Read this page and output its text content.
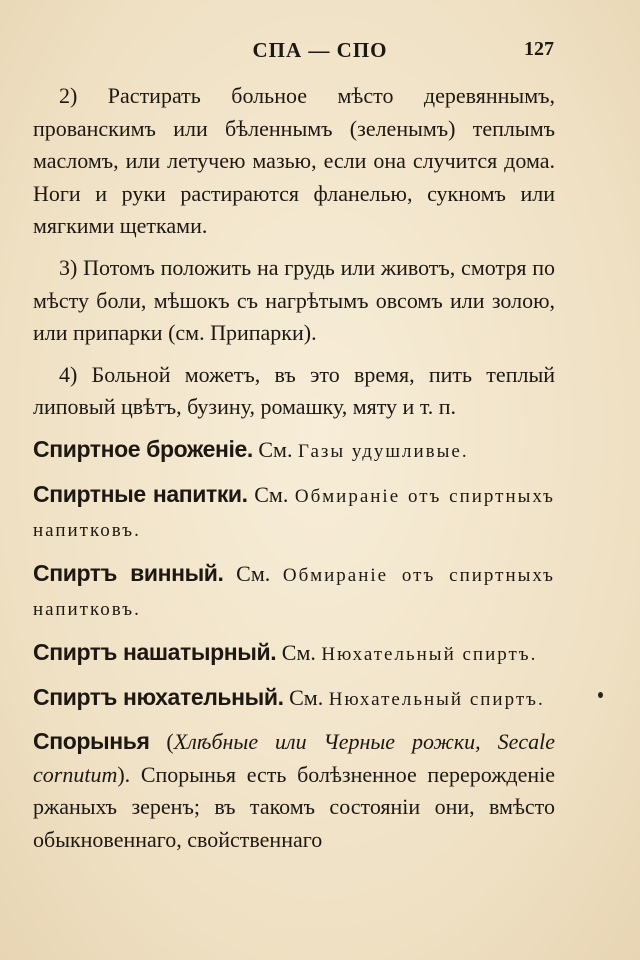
СПА — СПО	127

2) Растирать больное мѣсто деревяннымъ, прованскимъ или бѣленнымъ (зеленымъ) теплымъ масломъ, или летучею мазью, если она случится дома. Ноги и руки растираются фланелью, сукномъ или мягкими щетками.

3) Потомъ положить на грудь или животъ, смотря по мѣсту боли, мѣшокъ съ нагрѣтымъ овсомъ или золою, или припарки (см. Припарки).

4) Больной можетъ, въ это время, пить теплый липовый цвѣтъ, бузину, ромашку, мяту и т. п.

Спиртное броженіе. См. Газы удушливые.

Спиртные напитки. См. Обмираніе отъ спиртныхъ напитковъ.

Спиртъ винный. См. Обмираніе отъ спиртныхъ напитковъ.

Спиртъ нашатырный. См. Нюхательный спиртъ.

Спиртъ нюхательный. См. Нюхательный спиртъ.

Спорынья (Хлѣбные или Черные рожки, Secale cornutum). Спорынья есть болѣзненное перерожденіе ржаныхъ зеренъ; въ такомъ состояніи они, вмѣсто обыкновеннаго, свойственнаго
